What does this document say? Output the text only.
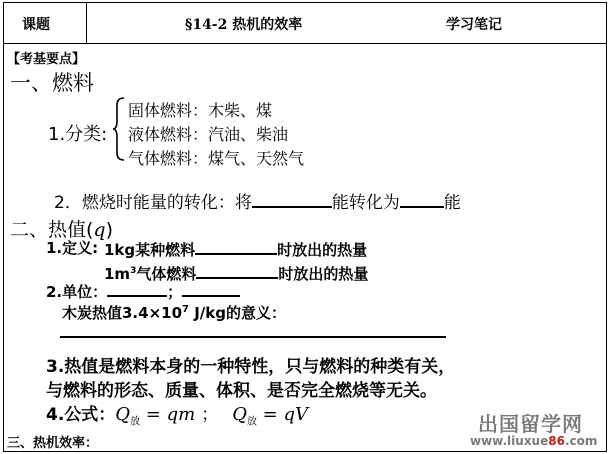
课题	§14-2 热机的效率	学习笔记
【考基要点】
一、燃料
1.分类:
固体燃料：木柴、煤
液体燃料：汽油、柴油
气体燃料：煤气、天然气
2．燃烧时能量的转化：将	能转化为	能
二、热值(q)
1.定义: 1kg某种燃料	时放出的热量
$1m^3$气体燃料	时放出的热量
2.单位：	；
木炭热值$3.4\times 10^7$ J/kg的意义：
3.热值是燃料本身的一种特性，只与燃料的种类有关，
与燃料的形态、质量、体积、是否完全燃烧等无关。
4.公式：$Q_放$ = qm ； $Q_放$ = qV
三、热机效率：
出国留学网
www.liuxue86.com
